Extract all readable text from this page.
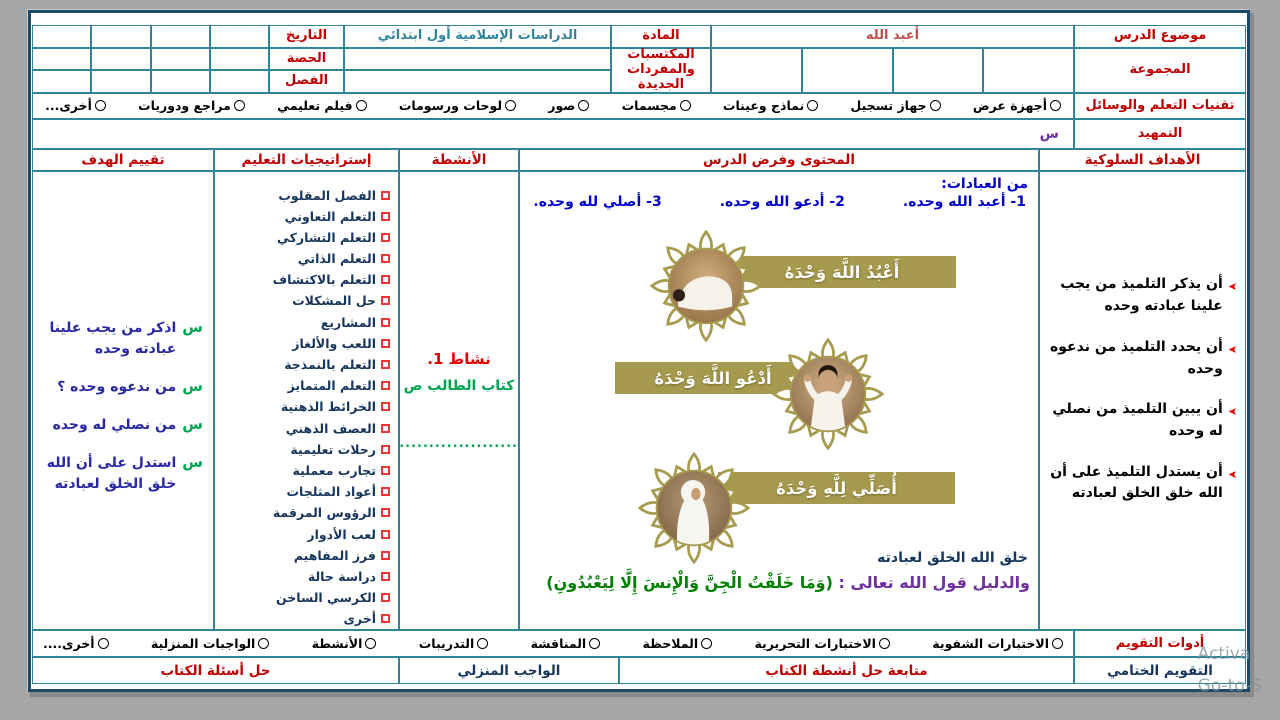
موضوع الدرس
أعبد الله
المادة
الدراسات الإسلامية أول ابتدائي
التاريخ
المجموعة
المكتسبات والمفردات الجديدة
الحصة
الفصل
تقنيات التعلم والوسائل
أجهزة عرض
جهاز تسجيل
نماذج وعينات
مجسمات
صور
لوحات ورسومات
فيلم تعليمي
مراجع ودوريات
أخرى...
التمهيد
س
الأهداف السلوكية
المحتوى وفرض الدرس
الأنشطة
إستراتيجيات التعليم
تقييم الهدف
➤
أن يذكر التلميذ من يجب علينا عبادته وحده
➤
أن يحدد التلميذ من ندعوه وحده
➤
أن يبين التلميذ من نصلي له وحده
➤
أن يستدل التلميذ على أن الله خلق الخلق لعبادته
من العبادات:
1- أعبد الله وحده.
2- أدعو الله وحده.
3- أصلي لله وحده.
أَعْبُدُ اللَّهَ وَحْدَهُ
أَدْعُو اللَّهَ وَحْدَهُ
أُصَلِّي لِلَّهِ وَحْدَهُ
خلق الله الخلق لعبادته
والدليل قول الله تعالى : (وَمَا خَلَقْتُ الْجِنَّ وَالْإِنسَ إِلَّا لِيَعْبُدُونِ)
نشاط 1.
كتاب الطالب ص
....................
الفصل المقلوب
التعلم التعاوني
التعلم التشاركي
التعلم الذاتي
التعلم بالاكتشاف
حل المشكلات
المشاريع
اللعب والألغاز
التعلم بالنمذجة
التعلم المتمايز
الخرائط الذهنية
العصف الذهني
رحلات تعليمية
تجارب معملية
أعواد المثلجات
الرؤوس المرقمة
لعب الأدوار
فرز المفاهيم
دراسة حالة
الكرسي الساخن
أخرى
س
اذكر من يجب علينا عبادته وحده
س
من ندعوه وحده ؟
س
من نصلي له وحده
س
استدل على أن الله خلق الخلق لعبادته
أدوات التقويم
الاختبارات الشفوية
الاختبارات التحريرية
الملاحظة
المناقشة
التدريبات
الأنشطة
الواجبات المنزلية
أخرى....
التقويم الختامي
متابعة حل أنشطة الكتاب
الواجب المنزلي
حل أسئلة الكتاب
Activa
Go-to-S
